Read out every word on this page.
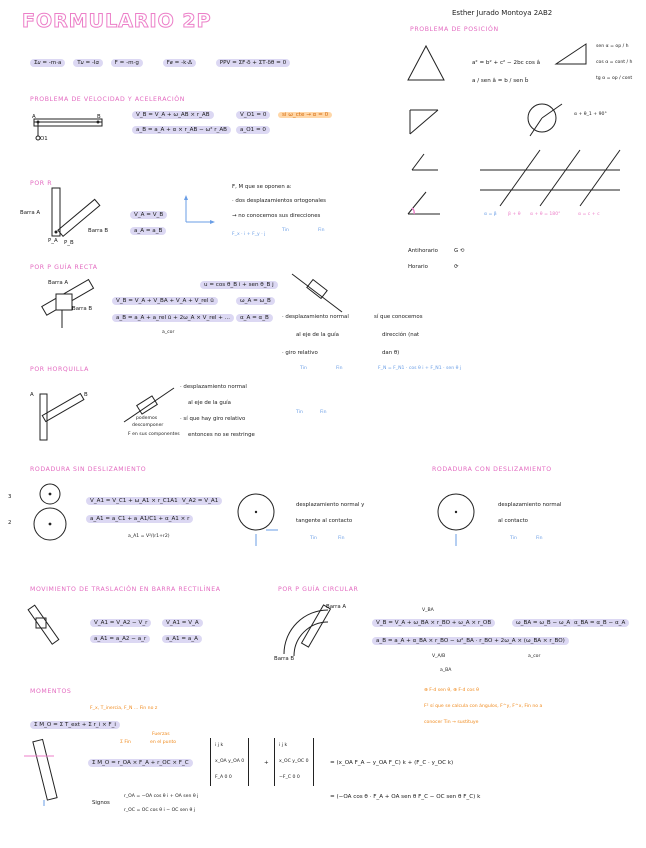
FORMULARIO 2P	Esther Jurado Montoya 2AB2
Σ𝑢 = -m·a	T𝑢 = -I𝛼	F = -m·g	F𝑒 = -k·Δ	PPV = ΣF·δ + ΣT·δθ = 0
PROBLEMA DE VELOCIDAD Y ACELERACIÓN
A	B
O1
V_B = V_A + ω_AB × r_AB
a_B = a_A + α × r_AB − ω² r_AB
V_O1 = 0
a_O1 = 0
si ω_cte → α = 0
POR R
Barra A
Barra B
P_A P_B
V_A = V_B
a_A = a_B
F, M que se oponen a:
· dos desplazamientos ortogonales
→ no conocemos sus direcciones
F_x · i + F_y · j
Tin	Fin
POR P GUÍA RECTA
Barra A
Barra B
u = cos θ_B i + sen θ_B j
V_B = V_A + V_BA + V_A + V_rel ū
a_B = a_A + a_rel ū + 2ω_A × V_rel + ...
a_cor
ω_A = ω_B
α_A = α_B	· desplazamiento normal
al eje de la guía
· giro relativo
sí que conocemos
dirección (nat
dan θ)
Tin	Fin	F_N = F_N1 · cos θ i + F_N1 · sen θ j
POR HORQUILLA
A	B
· desplazamiento normal
al eje de la guía
· sí que hay giro relativo
entonces no se restringe
podemos
descomponer
F en sus componentes
Tin	Fin
PROBLEMA DE POSICIÓN
a² = b² + c² − 2bc cos â
a / sen â = b / sen b̂
sen α = op / h
cos α = cont / h
tg α = op / cont
α + θ_1 + 90°
α = β β + θ α + θ = 180°	α = c + c
Antihorario	G ⟲
Horario	⟳
RODADURA SIN DESLIZAMIENTO
3
2
V_A1 = V_C1 + ω_A1 × r_C1A1 V_A2 = V_A1
a_A1 = a_C1 + a_A1/C1 + α_A1 × r
a_A1 = V²/(r1+r2)
desplazamiento normal y
tangente al contacto
Tin	Fin
RODADURA CON DESLIZAMIENTO
desplazamiento normal
al contacto
Tin	Fin
MOVIMIENTO DE TRASLACIÓN EN BARRA RECTILÍNEA
V_A1 = V_A2 − V_r
a_A1 = a_A2 − a_r
V_A1 = V_A
a_A1 = a_A
POR P GUÍA CIRCULAR
Barra A
Barra B
V_BA
V_B = V_A + ω_BA × r_BO + ω_A × r_OB	ω_BA = ω_B − ω_A α_BA = α_B − α_A
a_B = a_A + α_BA × r_BO − ω²_BA · r_BO + 2ω_A × (ω_BA × r_BO)
V_A/B	a_cor
a_BA
MOMENTOS
F_x, T_inercia, F_N ... Fin no z
Σ M_O = Σ T_ext + Σ r_i × F_i
⊕ F·d sen θ, ⊕ F·d cos θ
F² sí que se calcula con ángulos, F^y, F^x, Fin no a
conocer Tin → sustituye
Σ Fin
Fuerzas
en el punto
Σ M_O = r_OA × F_A + r_OC × F_C
i j k
x_OA y_OA 0
F_A 0 0
+
i j k
x_OC y_OC 0
−F_C 0 0
= (x_OA F_A − y_OA F_C) k + (F_C · y_OC k)
Signos
r_OA = −OA cos θ i + OA sen θ j
r_OC = OC cos θ i − OC sen θ j
= (−OA cos θ · F_A + OA sen θ F_C − OC sen θ F_C) k
